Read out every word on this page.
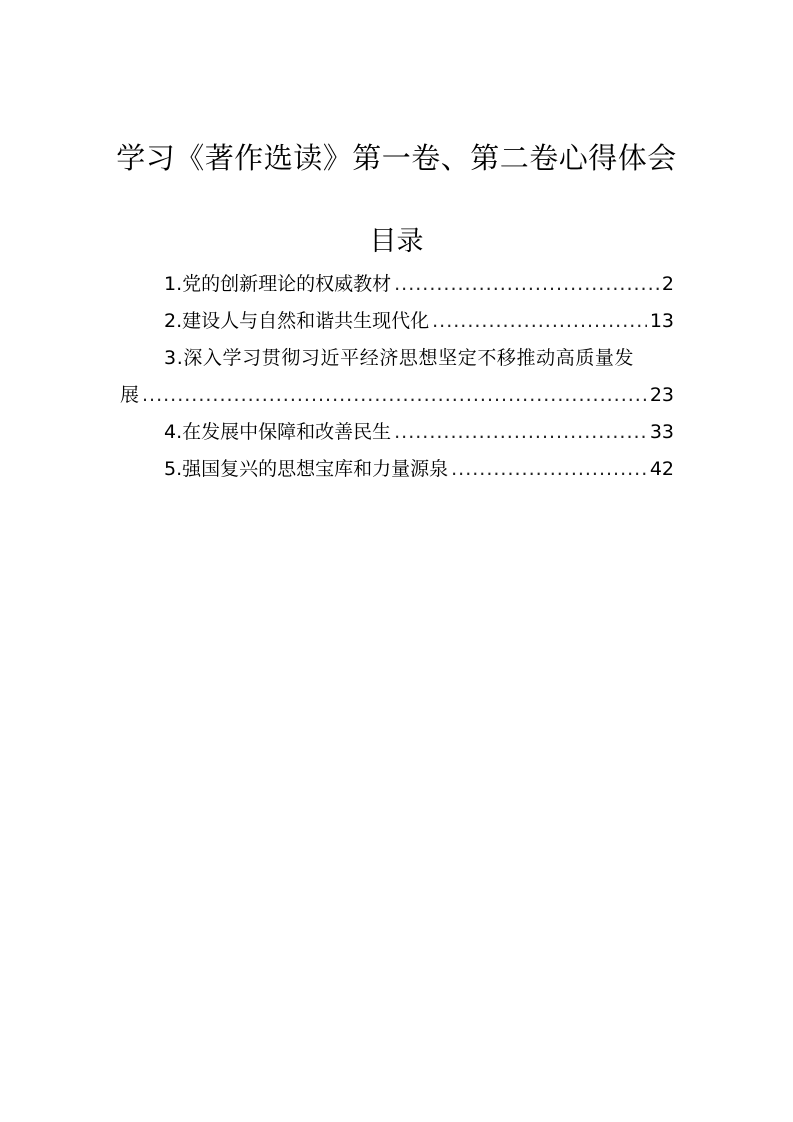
学习《著作选读》第一卷、第二卷心得体会
目录
1.党的创新理论的权威教材 .....	2
2.建设人与自然和谐共生现代化 .....	13
3.深入学习贯彻习近平经济思想坚定不移推动高质量发
展 .....	23
4.在发展中保障和改善民生 .....	33
5.强国复兴的思想宝库和力量源泉 .....	42
